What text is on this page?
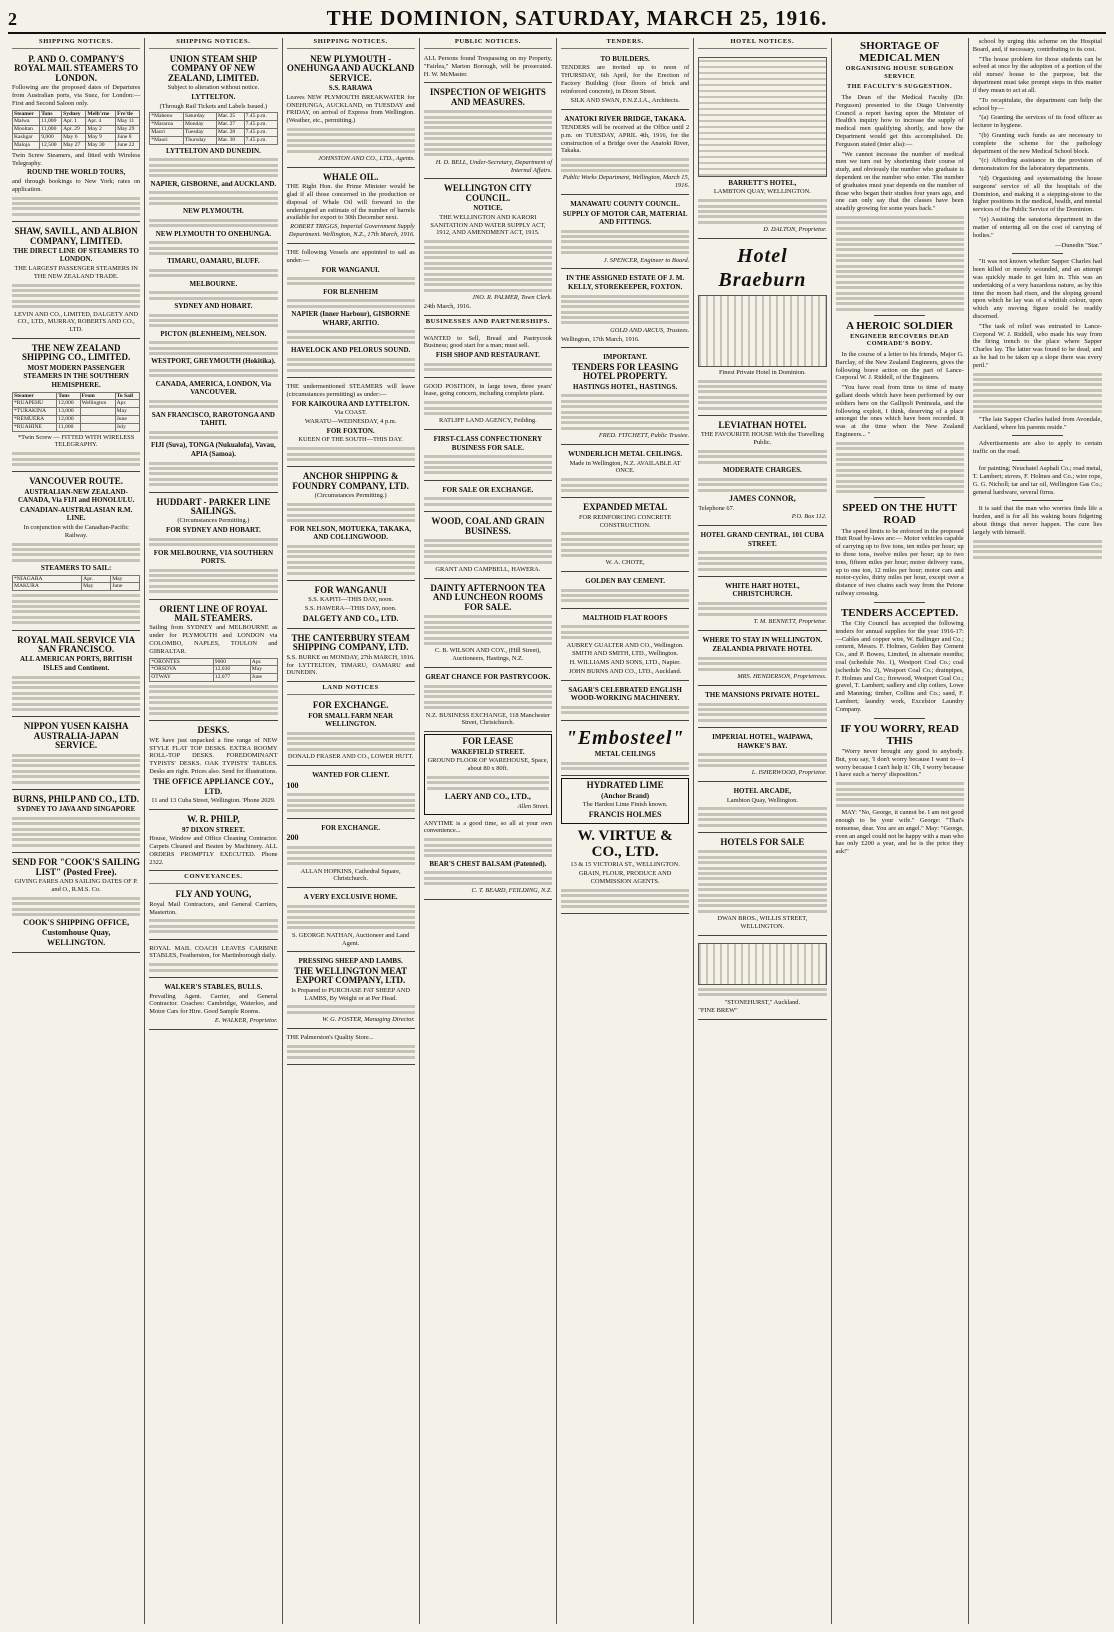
2	THE DOMINION, SATURDAY, MARCH 25, 1916.
SHIPPING NOTICES.
P. AND O. COMPANY'S ROYAL MAIL STEAMERS TO LONDON.

Following are the proposed dates of Departures from Australian ports, via Suez, for London:— First and Second Saloon only.

Steamer	Tons	Sydney	Melb'rne	Fre'tle
Malwa	11,000	Apr. 1	Apr. 4	May 11
Mooltan	11,000	Apr. 29	May 2	May 29
Kashgar	9,000	May 6	May 9	June 8
Maloja	12,500	May 27	May 30	June 22

Twin Screw Steamers, and fitted with Wireless Telegraphy.

ROUND THE WORLD TOURS,

and through bookings to New York; rates on application.

SHAW, SAVILL, AND ALBION COMPANY, LIMITED.
THE DIRECT LINE OF STEAMERS TO LONDON.

THE LARGEST PASSENGER STEAMERS IN THE NEW ZEALAND TRADE.

LEVIN AND CO., LIMITED, DALGETY AND CO., LTD., MURRAY, ROBERTS AND CO., LTD.

THE NEW ZEALAND SHIPPING CO., LIMITED.
MOST MODERN PASSENGER STEAMERS IN THE SOUTHERN HEMISPHERE.
Steamer	Tons	From	To Sail
*RUAPEHU	12,000	Wellington	Apr.
*TURAKINA	13,000		May
*REMUERA	12,000		June
*RUAHINE	11,000		July

*Twin Screw — FITTED WITH WIRELESS TELEGRAPHY.

VANCOUVER ROUTE.
AUSTRALIAN-NEW ZEALAND-CANADA, Via FIJI and HONOLULU.
CANADIAN-AUSTRALASIAN R.M. LINE.

In conjunction with the Canadian-Pacific Railway.

STEAMERS TO SAIL:
*NIAGARA	Apr.	May
MAKURA	May	June
ROYAL MAIL SERVICE VIA SAN FRANCISCO.
ALL AMERICAN PORTS, BRITISH ISLES and Continent.
NIPPON YUSEN KAISHA AUSTRALIA-JAPAN SERVICE.
BURNS, PHILP AND CO., LTD.
SYDNEY TO JAVA AND SINGAPORE
SEND FOR "COOK'S SAILING LIST" (Posted Free).

GIVING FARES AND SAILING DATES OF P. and O., R.M.S. Co.

COOK'S SHIPPING OFFICE, Customhouse Quay, WELLINGTON.

SHIPPING NOTICES.
UNION STEAM SHIP COMPANY OF NEW ZEALAND, LIMITED.

Subject to alteration without notice.

LYTTELTON.

(Through Rail Tickets and Labels Issued.)

*Maheno	Saturday	Mar. 25	7.45 p.m.
*Mararoa	Monday	Mar. 27	7.45 p.m.
Maori	Tuesday	Mar. 28	7.45 p.m.
*Maori	Thursday	Mar. 30	7.45 p.m.
LYTTELTON AND DUNEDIN.
NAPIER, GISBORNE, and AUCKLAND.
NEW PLYMOUTH.
NEW PLYMOUTH TO ONEHUNGA.
TIMARU, OAMARU, BLUFF.
MELBOURNE.
SYDNEY AND HOBART.
PICTON (BLENHEIM), NELSON.
WESTPORT, GREYMOUTH (Hokitika).
CANADA, AMERICA, LONDON, Via VANCOUVER.
SAN FRANCISCO, RAROTONGA AND TAHITI.
FIJI (Suva), TONGA (Nukualofa), Vavau, APIA (Samoa).
HUDDART - PARKER LINE SAILINGS.

(Circumstances Permitting.)

FOR SYDNEY AND HOBART.
FOR MELBOURNE, VIA SOUTHERN PORTS.
ORIENT LINE OF ROYAL MAIL STEAMERS.

Sailing from SYDNEY and MELBOURNE as under for PLYMOUTH and LONDON via COLOMBO, NAPLES, TOULON and GIBRALTAR.

*ORONTES	9000	Apr.
*ORSOVA	12,036	May
OTWAY	12,077	June
DESKS.

WE have just unpacked a fine range of NEW STYLE FLAT TOP DESKS. EXTRA ROOMY ROLL-TOP DESKS. FOREDOMINANT TYPISTS' DESKS. OAK TYPISTS' TABLES. Desks are right. Prices also. Send for illustrations.

THE OFFICE APPLIANCE COY., LTD.

11 and 13 Cuba Street, Wellington. 'Phone 2029.

W. R. PHILP,
97 DIXON STREET.

House, Window and Office Cleaning Contractor. Carpets Cleaned and Beaten by Machinery. ALL ORDERS PROMPTLY EXECUTED. Phone 2322.

CONVEYANCES.
FLY AND YOUNG,

Royal Mail Contractors, and General Carriers, Masterton.

ROYAL MAIL COACH LEAVES CARBINE STABLES, Featherston, for Martinborough daily.

WALKER'S STABLES, BULLS.

Prevailing Agent. Carrier, and General Contractor. Coaches: Cambridge, Waterloo, and Motor Cars for Hire. Good Sample Rooms.

E. WALKER, Proprietor.

SHIPPING NOTICES.
NEW PLYMOUTH - ONEHUNGA AND AUCKLAND SERVICE.
S.S. RARAWA

Leaves NEW PLYMOUTH BREAKWATER for ONEHUNGA, AUCKLAND, on TUESDAY and FRIDAY, on arrival of Express from Wellington. (Weather, etc., permitting.)

JOHNSTON AND CO., LTD., Agents.

WHALE OIL.

THE Right Hon. the Prime Minister would be glad if all those concerned in the production or disposal of Whale Oil will forward to the undersigned an estimate of the number of barrels available for export to 30th December next.

ROBERT TRIGGS, Imperial Government Supply Department. Wellington, N.Z., 17th March, 1916.

THE following Vessels are appointed to sail as under:—

FOR WANGANUI.
FOR BLENHEIM
NAPIER (Inner Harbour), GISBORNE WHARF, ARITIO.
HAVELOCK AND PELORUS SOUND.

THE undermentioned STEAMERS will leave (circumstances permitting) as under:—

FOR KAIKOURA AND LYTTELTON.

Via COAST.

WARATU—WEDNESDAY, 4 p.m.

FOR FOXTON.

KUEEN OF THE SOUTH—THIS DAY.

ANCHOR SHIPPING & FOUNDRY COMPANY, LTD.

(Circumstances Permitting.)

FOR NELSON, MOTUEKA, TAKAKA, AND COLLINGWOOD.
FOR WANGANUI

S.S. KAPITI—THIS DAY, noon.

S.S. HAWERA—THIS DAY, noon.

DALGETY AND CO., LTD.

THE CANTERBURY STEAM SHIPPING COMPANY, LTD.

S.S. BURKE on MONDAY, 27th MARCH, 1916. for LYTTELTON, TIMARU, OAMARU and DUNEDIN.

LAND NOTICES
FOR EXCHANGE.
FOR SMALL FARM NEAR WELLINGTON.

DONALD FRASER AND CO., LOWER HUTT.

WANTED FOR CLIENT.

100

FOR EXCHANGE.

200

ALLAN HOPKINS, Cathedral Square, Christchurch.

A VERY EXCLUSIVE HOME.

S. GEORGE NATHAN, Auctioneer and Land Agent.

PRESSING SHEEP AND LAMBS.
THE WELLINGTON MEAT EXPORT COMPANY, LTD.

Is Prepared to PURCHASE FAT SHEEP AND LAMBS, By Weight or at Per Head.

W. G. FOSTER, Managing Director.

THE Palmerston's Quality Store...

PUBLIC NOTICES.

ALL Persons found Trespassing on my Property, "Fairlea," Marton Borough, will be prosecuted. H. W. McMaster.

INSPECTION OF WEIGHTS AND MEASURES.

H. D. BELL, Under-Secretary, Department of Internal Affairs.

WELLINGTON CITY COUNCIL.
NOTICE.

THE WELLINGTON AND KARORI SANITATION AND WATER SUPPLY ACT, 1912, AND AMENDMENT ACT, 1915.

JNO. R. PALMER, Town Clerk.

24th March, 1916.

BUSINESSES AND PARTNERSHIPS.

WANTED to Sell, Bread and Pastrycook Business; good start for a man; must sell.

FISH SHOP AND RESTAURANT.

GOOD POSITION, in large town, three years' lease, going concern, including complete plant.

RATLIFF LAND AGENCY, Feilding.

FIRST-CLASS CONFECTIONERY BUSINESS FOR SALE.
FOR SALE OR EXCHANGE.
WOOD, COAL AND GRAIN BUSINESS.

GRANT AND CAMPBELL, HAWERA.

DAINTY AFTERNOON TEA AND LUNCHEON ROOMS FOR SALE.

C. B. WILSON AND COY., (Hill Street), Auctioneers, Hastings, N.Z.

GREAT CHANCE FOR PASTRYCOOK.

N.Z. BUSINESS EXCHANGE, 118 Manchester Street, Christchurch.

FOR LEASE
WAKEFIELD STREET.

GROUND FLOOR OF WAREHOUSE, Space, about 80 x 80ft.

LAERY AND CO., LTD.,

Allen Street.

ANYTIME is a good time, so all at your own convenience...

BEAR'S CHEST BALSAM (Patented).

C. T. BEARD, FEILDING, N.Z.

TENDERS.
TO BUILDERS.

TENDERS are invited up to noon of THURSDAY, 6th April, for the Erection of Factory Building (four floors of brick and reinforced concrete), in Dixon Street.

SILK AND SWAN, F.N.Z.I.A., Architects.

ANATOKI RIVER BRIDGE, TAKAKA.

TENDERS will be received at the Office until 2 p.m. on TUESDAY, APRIL 4th, 1916, for the construction of a Bridge over the Anatoki River, Takaka.

Public Works Department, Wellington, March 15, 1916.

MANAWATU COUNTY COUNCIL.
SUPPLY OF MOTOR CAR, MATERIAL AND FITTINGS.

J. SPENCER, Engineer to Board.

IN THE ASSIGNED ESTATE OF J. M. KELLY, STOREKEEPER, FOXTON.

GOLD AND ARCUS, Trustees.

Wellington, 17th March, 1916.

IMPORTANT.
TENDERS FOR LEASING HOTEL PROPERTY.
HASTINGS HOTEL, HASTINGS.

FRED. FITCHETT, Public Trustee.

WUNDERLICH METAL CEILINGS.

Made in Wellington, N.Z. AVAILABLE AT ONCE.

EXPANDED METAL

FOR REINFORCING CONCRETE CONSTRUCTION.

W. A. CHOTE,

GOLDEN BAY CEMENT.
MALTHOID FLAT ROOFS

AUBREY GUALTER AND CO., Wellington.

SMITH AND SMITH, LTD., Wellington.

H. WILLIAMS AND SONS, LTD., Napier.

JOHN BURNS AND CO., LTD., Auckland.

SAGAR'S CELEBRATED ENGLISH WOOD-WORKING MACHINERY.
"Embosteel"
METAL CEILINGS
HYDRATED LIME
(Anchor Brand)

The Hardest Lime Finish known.

FRANCIS HOLMES

W. VIRTUE & CO., LTD.

13 & 15 VICTORIA ST., WELLINGTON.

GRAIN, FLOUR, PRODUCE AND COMMISSION AGENTS.

HOTEL NOTICES.
BARRETT'S HOTEL,

LAMBTON QUAY, WELLINGTON.

D. DALTON, Proprietor.

Hotel Braeburn

Finest Private Hotel in Dominion.

LEVIATHAN HOTEL

THE FAVOURITE HOUSE With the Travelling Public.

MODERATE CHARGES.

JAMES CONNOR,

Telephone 67.

P.O. Box 112.

HOTEL GRAND CENTRAL, 101 CUBA STREET.
WHITE HART HOTEL, CHRISTCHURCH.

T. M. BENNETT, Proprietor.

WHERE TO STAY IN WELLINGTON.
ZEALANDIA PRIVATE HOTEL

MRS. HENDERSON, Proprietress.

THE MANSIONS PRIVATE HOTEL.
IMPERIAL HOTEL, WAIPAWA, HAWKE'S BAY.

L. ISHERWOOD, Proprietor.

HOTEL ARCADE,

Lambton Quay, Wellington.

HOTELS FOR SALE

DWAN BROS., WILLIS STREET, WELLINGTON.

"STONEHURST," Auckland.

"FINE BREW"

SHORTAGE OF MEDICAL MEN
ORGANISING HOUSE SURGEON SERVICE
THE FACULTY'S SUGGESTION.

The Dean of the Medical Faculty (Dr. Ferguson) presented to the Otago University Council a report having upon the Minister of Health's inquiry how to increase the supply of medical men qualifying shortly, and how the Department would get this accomplished. Dr. Ferguson stated (inter alia):—

"We cannot increase the number of medical men we turn out by shortening their course of study, and obviously the number who graduate is dependent on the number who enter. The number of graduates must year depends on the number of those who began their studies four years ago, and one can only say that the classes have been steadily growing for some years back."

A HEROIC SOLDIER
ENGINEER RECOVERS DEAD COMRADE'S BODY.

In the course of a letter to his friends, Major G. Barclay, of the New Zealand Engineers, gives the following brave action on the part of Lance-Corporal W. J. Riddell, of the Engineers.

"You have read from time to time of many gallant deeds which have been performed by our soldiers here on the Gallipoli Peninsula, and the following exploit, I think, deserving of a place amongst the ones which have been recorded. It was at the time when the New Zealand Engineers... "

SPEED ON THE HUTT ROAD

The speed limits to be enforced in the proposed Hutt Road by-laws are:— Motor vehicles capable of carrying up to five tons, ten miles per hour; up to three tons, twelve miles per hour; up to two tons, fifteen miles per hour; motor delivery vans, up to one ton, 12 miles per hour; motor cars and motor-cycles, thirty miles per hour, except over a distance of two chains each way from the Petone railway crossing.

TENDERS ACCEPTED.

The City Council has accepted the following tenders for annual supplies for the year 1916-17:—Cables and copper wire, W. Ballinger and Co.; cement, Messrs. F. Holmes, Golden Bay Cement Co., and P. Bowes, Limited, in alternate months; coal (schedule No. 1), Westport Coal Co.; coal (schedule No. 2), Westport Coal Co.; drainpipes, F. Holmes and Co.; firewood, Westport Coal Co.; gravel, T. Lambert; sadlery and clip coilers, Lowe and Manning; timber, Collins and Co.; sand, F. Lambert; laundry work, Excelsior Laundry Company.

IF YOU WORRY, READ THIS

"Worry never brought any good to anybody. But, you say, 'I don't worry because I want to—I worry because I can't help it.' Oh, I worry because I have such a 'nervy' disposition."

MAY: "No, George, it cannot be. I am not good enough to be your wife." George: "That's nonsense, dear. You are an angel." May: "George, even an angel could not be happy with a man who has only £200 a year, and he is the price they ask!"

school by urging this scheme on the Hospital Board, and, if necessary, contributing to its cost.

"The house problem for those students can be solved at once by the adoption of a portion of the old nurses' house to the purpose, but the department must take prompt steps in this matter if they mean to act at all.

"To recapitulate, the department can help the school by—

"(a) Granting the services of its food officer as lecturer in hygiene.

"(b) Granting such funds as are necessary to complete the scheme for the pathology department of the new Medical School block.

"(c) Affording assistance in the provision of demonstrators for the laboratory departments.

"(d) Organising and systematising the house surgeons' service of all the hospitals of the Dominion, and making it a stepping-stone to the higher positions in the medical, health, and mental services of the Public Service of the Dominion.

"(e) Assisting the sanatoria department in the matter of entering all on the cost of carrying of bodies."

—Dunedin "Star."

"It was not known whether Sapper Charles had been killed or merely wounded, and an attempt was quickly made to get him in. This was an undertaking of a very hazardous nature, as by this time the moon had risen, and the sloping ground upon which he lay was of a whitish colour, upon which any moving figure could be readily discerned.

"The task of relief was entrusted to Lance-Corporal W. J. Riddell, who made his way from the firing trench to the place where Sapper Charles lay. The latter was found to be dead, and as he had to be taken up a slope there was every peril."

"The late Sapper Charles hailed from Avondale, Auckland, where his parents reside."

Advertisements are also to apply to certain traffic on the road.

for painting; Neuchatel Asphalt Co.; road metal, T. Lambert; stoves, F. Holmes and Co.; wire rope, G. G. Nicholl; tar and tar oil, Wellington Gas Co.; general hardware, several firms.

It is said that the man who worries finds life a burden, and is for all his waking hours fidgeting about things that never happen. The cure lies largely with himself.
